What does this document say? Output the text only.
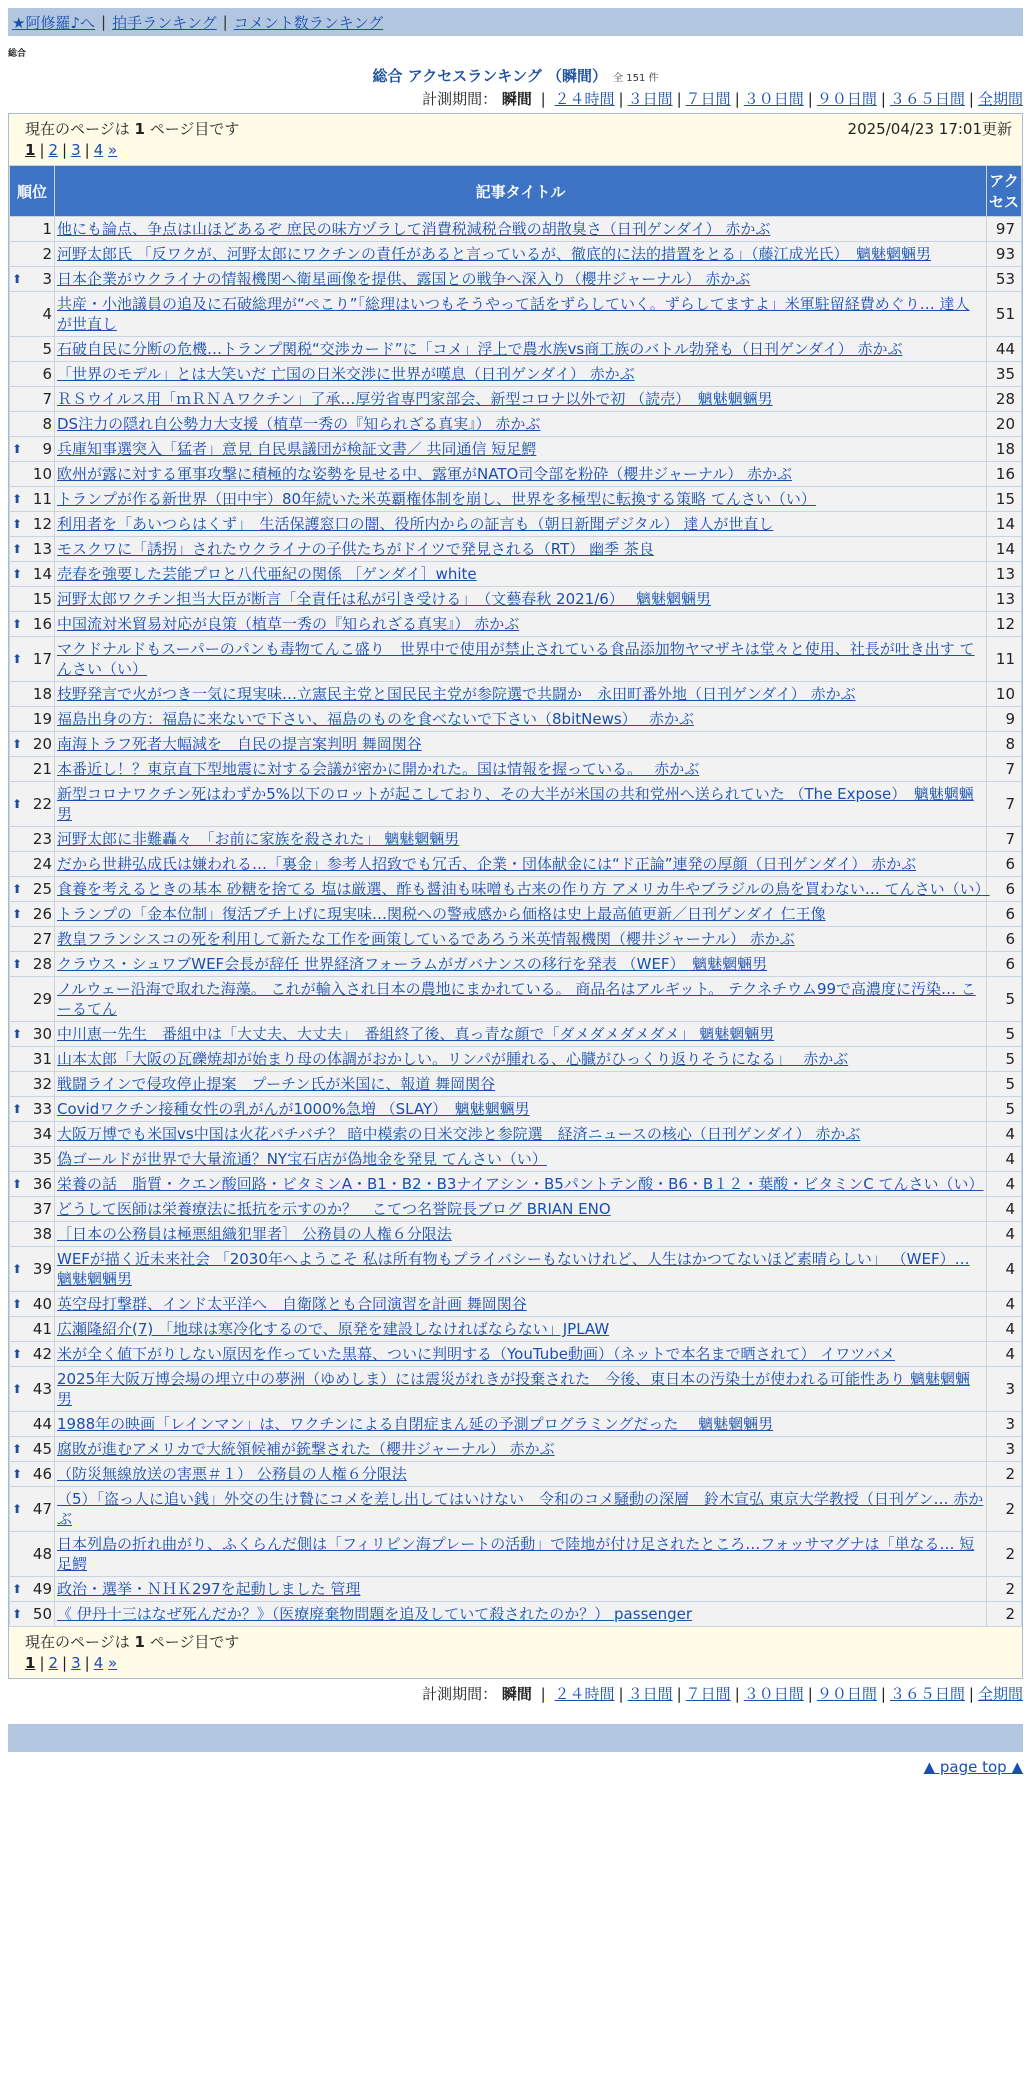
★阿修羅♪へ | 拍手ランキング | コメント数ランキング
総合
総合 アクセスランキング （瞬間） 全 151 件
計測期間： 瞬間 | ２４時間 | ３日間 | ７日間 | ３０日間 | ９０日間 | ３６５日間 | 全期間
現在のページは 1 ページ目です	2025/04/23 17:01更新
1 | 2 | 3 | 4 »
順位	記事タイトル	アクセス
1	他にも論点、争点は山ほどあるぞ 庶民の味方ヅラして消費税減税合戦の胡散臭さ（日刊ゲンダイ） 赤かぶ	97
2	河野太郎氏 「反ワクが、河野太郎にワクチンの責任があると言っているが、徹底的に法的措置をとる」（藤江成光氏）　魑魅魍魎男	93

⬆ 3	日本企業がウクライナの情報機関へ衛星画像を提供、露国との戦争へ深入り（櫻井ジャーナル） 赤かぶ	53
4	共産・小池議員の追及に石破総理が“ぺこり”「総理はいつもそうやって話をずらしていく。ずらしてますよ」米軍駐留経費めぐり… 達人が世直し	51
5	石破自民に分断の危機…トランプ関税“交渉カード”に「コメ」浮上で農水族vs商工族のバトル勃発も（日刊ゲンダイ） 赤かぶ	44
6	「世界のモデル」とは大笑いだ 亡国の日米交渉に世界が嘆息（日刊ゲンダイ） 赤かぶ	35
7	ＲＳウイルス用「ｍＲＮＡワクチン」了承…厚労省専門家部会、新型コロナ以外で初 （読売）　魑魅魍魎男	28
8	DS注力の隠れ自公勢力大支援（植草一秀の『知られざる真実』） 赤かぶ	20

⬆ 9	兵庫知事選突入「猛者」意見 自民県議団が検証文書／ 共同通信 短足鰐	18
10	欧州が露に対する軍事攻撃に積極的な姿勢を見せる中、露軍がNATO司令部を粉砕（櫻井ジャーナル） 赤かぶ	16

⬆ 11	トランプが作る新世界（田中宇）80年続いた米英覇権体制を崩し、世界を多極型に転換する策略 てんさい（い）	15

⬆ 12	利用者を「あいつらはくず」　生活保護窓口の闇、役所内からの証言も（朝日新聞デジタル） 達人が世直し	14

⬆ 13	モスクワに「誘拐」されたウクライナの子供たちがドイツで発見される（RT） 幽季 茶良	14

⬆ 14	売春を強要した芸能プロと八代亜紀の関係 ［ゲンダイ］white	13
15	河野太郎ワクチン担当大臣が断言「全責任は私が引き受ける」　（文藝春秋 2021/6）　 魑魅魍魎男	13

⬆ 16	中国流対米貿易対応が良策（植草一秀の『知られざる真実』） 赤かぶ	12

⬆ 17	マクドナルドもスーパーのパンも毒物てんこ盛り　世界中で使用が禁止されている食品添加物ヤマザキは堂々と使用、社長が吐き出す てんさい（い）	11
18	枝野発言で火がつき一気に現実味…立憲民主党と国民民主党が参院選で共闘か　永田町番外地（日刊ゲンダイ） 赤かぶ	10
19	福島出身の方：福島に来ないで下さい、福島のものを食べないで下さい（8bitNews）　 赤かぶ	9

⬆ 20	南海トラフ死者大幅減を　自民の提言案判明 舞岡関谷	8
21	本番近し！？東京直下型地震に対する会議が密かに開かれた。国は情報を握っている。　 赤かぶ	7

⬆ 22	新型コロナワクチン死はわずか5%以下のロットが起こしており、その大半が米国の共和党州へ送られていた （The Expose）　魑魅魍魎男	7
23	河野太郎に非難轟々　「お前に家族を殺された」 魑魅魍魎男	7
24	だから世耕弘成氏は嫌われる…「裏金」参考人招致でも冗舌、企業・団体献金には“ド正論”連発の厚顔（日刊ゲンダイ） 赤かぶ	6

⬆ 25	食養を考えるときの基本 砂糖を捨てる 塩は厳選、酢も醤油も味噌も古来の作り方 アメリカ牛やブラジルの鳥を買わない… てんさい（い）	6

⬆ 26	トランプの「金本位制」復活ブチ上げに現実味…関税への警戒感から価格は史上最高値更新／日刊ゲンダイ 仁王像	6
27	教皇フランシスコの死を利用して新たな工作を画策しているであろう米英情報機関（櫻井ジャーナル） 赤かぶ	6

⬆ 28	クラウス・シュワブWEF会長が辞任 世界経済フォーラムがガバナンスの移行を発表 （WEF）　魑魅魍魎男	6
29	ノルウェー沿海で取れた海藻。 これが輸入され日本の農地にまかれている。 商品名はアルギット。 テクネチウム99で高濃度に汚染… こーるてん	5

⬆ 30	中川恵一先生　番組中は「大丈夫、大丈夫」　番組終了後、真っ青な顔で「ダメダメダメダメ」 魑魅魍魎男	5
31	山本太郎「大阪の瓦礫焼却が始まり母の体調がおかしい。リンパが腫れる、心臓がひっくり返りそうになる」　 赤かぶ	5
32	戦闘ラインで侵攻停止提案　プーチン氏が米国に、報道 舞岡関谷	5

⬆ 33	Covidワクチン接種女性の乳がんが1000%急増 （SLAY）　魑魅魍魎男	5
34	大阪万博でも米国vs中国は火花バチバチ？ 暗中模索の日米交渉と参院選　経済ニュースの核心（日刊ゲンダイ） 赤かぶ	4
35	偽ゴールドが世界で大量流通？NY宝石店が偽地金を発見 てんさい（い）	4

⬆ 36	栄養の話　脂質・クエン酸回路・ビタミンA・B1・B2・B3ナイアシン・B5パントテン酸・B6・B１２・葉酸・ビタミンC てんさい（い）	4
37	どうして医師は栄養療法に抵抗を示すのか？　こてつ名誉院長ブログ BRIAN ENO	4
38	［日本の公務員は極悪組織犯罪者］ 公務員の人権６分限法	4

⬆ 39	WEFが描く近未来社会 「2030年へようこそ 私は所有物もプライバシーもないけれど、人生はかつてないほど素晴らしい」 （WEF）… 魑魅魍魎男	4

⬆ 40	英空母打撃群、インド太平洋へ　自衛隊とも合同演習を計画 舞岡関谷	4
41	広瀬隆紹介(7) 「地球は寒冷化するので、原発を建設しなければならない」JPLAW	4

⬆ 42	米が全く値下がりしない原因を作っていた黒幕、ついに判明する（YouTube動画）（ネットで本名まで晒されて） イワツバメ	4

⬆ 43	2025年大阪万博会場の埋立中の夢洲（ゆめしま）には震災がれきが投棄された　今後、東日本の汚染土が使われる可能性あり 魑魅魍魎男	3
44	1988年の映画「レインマン」は、ワクチンによる自閉症まん延の予測プログラミングだった　 魑魅魍魎男	3

⬆ 45	腐敗が進むアメリカで大統領候補が銃撃された（櫻井ジャーナル） 赤かぶ	3

⬆ 46	（防災無線放送の害悪＃１） 公務員の人権６分限法	2

⬆ 47	（5）「盗っ人に追い銭」外交の生け贄にコメを差し出してはいけない　令和のコメ騒動の深層　鈴木宣弘 東京大学教授（日刊ゲン… 赤かぶ	2
48	日本列島の折れ曲がり、ふくらんだ側は「フィリピン海プレートの活動」で陸地が付け足されたところ…フォッサマグナは「単なる… 短足鰐	2

⬆ 49	政治・選挙・ＮＨＫ297を起動しました 管理	2

⬆ 50	《 伊丹十三はなぜ死んだか？》（医療廃棄物問題を追及していて殺されたのか？） passenger	2
現在のページは 1 ページ目です
1 | 2 | 3 | 4 »
計測期間： 瞬間 | ２４時間 | ３日間 | ７日間 | ３０日間 | ９０日間 | ３６５日間 | 全期間
▲ page top ▲
